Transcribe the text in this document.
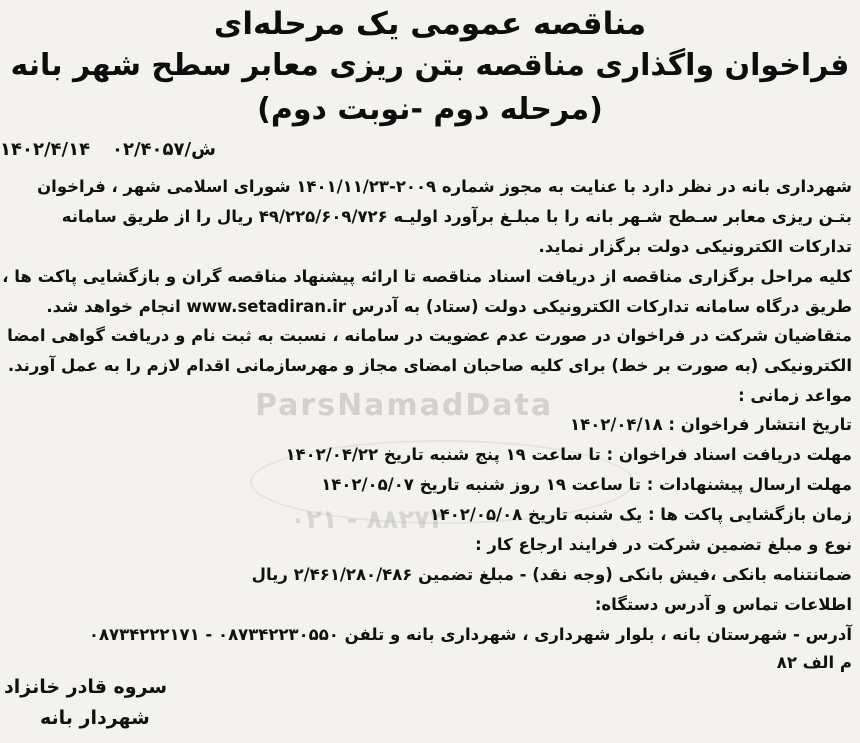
مناقصه عمومی یک مرحله‌ای
فراخوان واگذاری مناقصه بتن ریزی معابر سطح شهر بانه
(مرحله دوم -نوبت دوم)
۰۲/۴۰۵۷/ش
۱۴۰۲/۴/۱۴
ParsNamadData
۰۲۱ - ۸۸۲۷۳
شهرداری بانه در نظر دارد با عنایت به مجوز شماره ۲۰۰۹-۱۴۰۱/۱۱/۲۳ شورای اسلامی شهر ، فراخوان
بتـن ریزی معابر سـطح شـهر بانه را با مبلـغ برآورد اولیـه ۴۹/۲۲۵/۶۰۹/۷۲۶ ریال را از طریق سامانه
تدارکات الکترونیکی دولت برگزار نماید.
کلیه مراحل برگزاری مناقصه از دریافت اسناد مناقصه تا ارائه پیشنهاد مناقصه گران و بازگشایی پاکت ها ،
طریق درگاه سامانه تدارکات الکترونیکی دولت (ستاد) به آدرس www.setadiran.ir انجام خواهد شد.
متقاضیان شرکت در فراخوان در صورت عدم عضویت در سامانه ، نسبت به ثبت نام و دریافت گواهی امضا
الکترونیکی (به صورت بر خط) برای کلیه صاحبان امضای مجاز و مهرسازمانی اقدام لازم را به عمل آورند.
مواعد زمانی :
تاریخ انتشار فراخوان : ۱۴۰۲/۰۴/۱۸
مهلت دریافت اسناد فراخوان : تا ساعت ۱۹ پنج شنبه تاریخ ۱۴۰۲/۰۴/۲۲
مهلت ارسال پیشنهادات : تا ساعت ۱۹ روز شنبه تاریخ ۱۴۰۲/۰۵/۰۷
زمان بازگشایی پاکت ها : یک شنبه تاریخ ۱۴۰۲/۰۵/۰۸
نوع و مبلغ تضمین شرکت در فرایند ارجاع کار :
ضمانتنامه بانکی ،فیش بانکی (وجه نقد) - مبلغ تضمین ۲/۴۶۱/۲۸۰/۴۸۶ ریال
اطلاعات تماس و آدرس دستگاه:
آدرس - شهرستان بانه ، بلوار شهرداری ، شهرداری بانه و تلفن ۰۸۷۳۴۲۲۳۰۵۵۰ - ۰۸۷۳۴۲۲۲۱۷۱
م الف ۸۲
سروه قادر خانزاد
شهردار بانه
